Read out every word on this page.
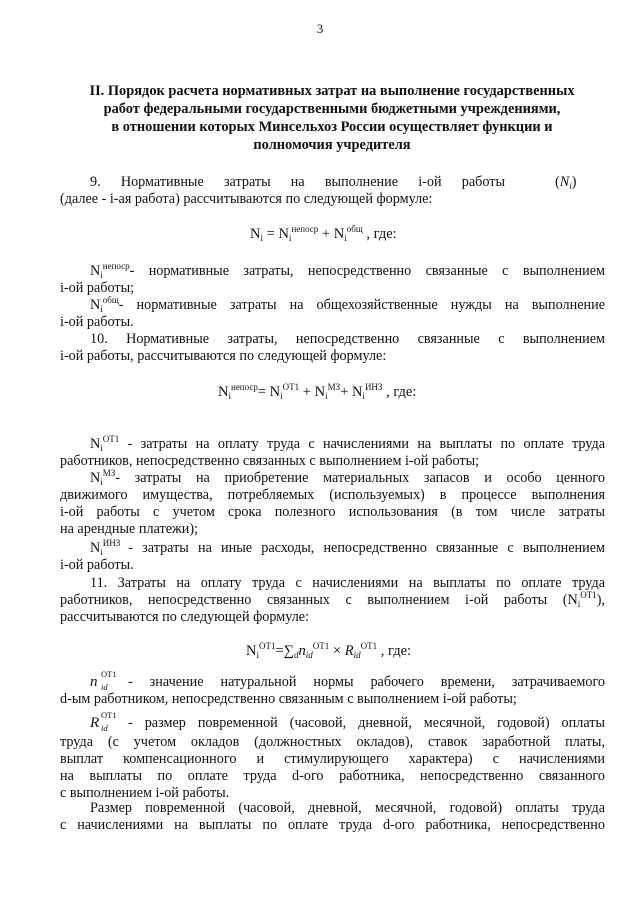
3
II. Порядок расчета нормативных затрат на выполнение государственных
работ федеральными государственными бюджетными учреждениями,
в отношении которых Минсельхоз России осуществляет функции и
полномочия учредителя
9. Нормативные затраты на выполнение i-ой работы	$(N_i)$
(далее - i-ая работа) рассчитываются по следующей формуле:
$N_i = N_i^{непоср} + N_i^{общ}$ , где:
$N_i^{непоср}$ - нормативные затраты, непосредственно связанные с выполнением
i-ой работы;
$N_i^{общ}$ - нормативные затраты на общехозяйственные нужды на выполнение
i-ой работы.
10. Нормативные затраты, непосредственно связанные с выполнением
i-ой работы, рассчитываются по следующей формуле:
$N_i^{непоср}= N_i^{ОТ1} + N_i^{МЗ}+ N_i^{ИНЗ}$ , где:
$N_i^{ОТ1}$ - затраты на оплату труда с начислениями на выплаты по оплате труда
работников, непосредственно связанных с выполнением i-ой работы;
$N_i^{МЗ}$ - затраты на приобретение материальных запасов и особо ценного
движимого имущества, потребляемых (используемых) в процессе выполнения
i-ой работы с учетом срока полезного использования (в том числе затраты
на арендные платежи);
$N_i^{ИНЗ}$ - затраты на иные расходы, непосредственно связанные с выполнением
i-ой работы.
11. Затраты на оплату труда с начислениями на выплаты по оплате труда
работников, непосредственно связанных с выполнением i-ой работы (N $_i^{ОТ1}$),
рассчитываются по следующей формуле:
$N_i^{ОТ1}=\sum_dn_{id}^{ОТ1} \times R_{id}^{ОТ1}$ , где:
n ОТ1
id - значение натуральной нормы рабочего времени, затрачиваемого
d-ым работником, непосредственно связанным с выполнением i-ой работы;
R ОТ1
id - размер повременной (часовой, дневной, месячной, годовой) оплаты
труда (с учетом окладов (должностных окладов), ставок заработной платы,
выплат компенсационного и стимулирующего характера) с начислениями
на выплаты по оплате труда d-ого работника, непосредственно связанного
с выполнением i-ой работы.
Размер повременной (часовой, дневной, месячной, годовой) оплаты труда
с начислениями на выплаты по оплате труда d-ого работника, непосредственно
